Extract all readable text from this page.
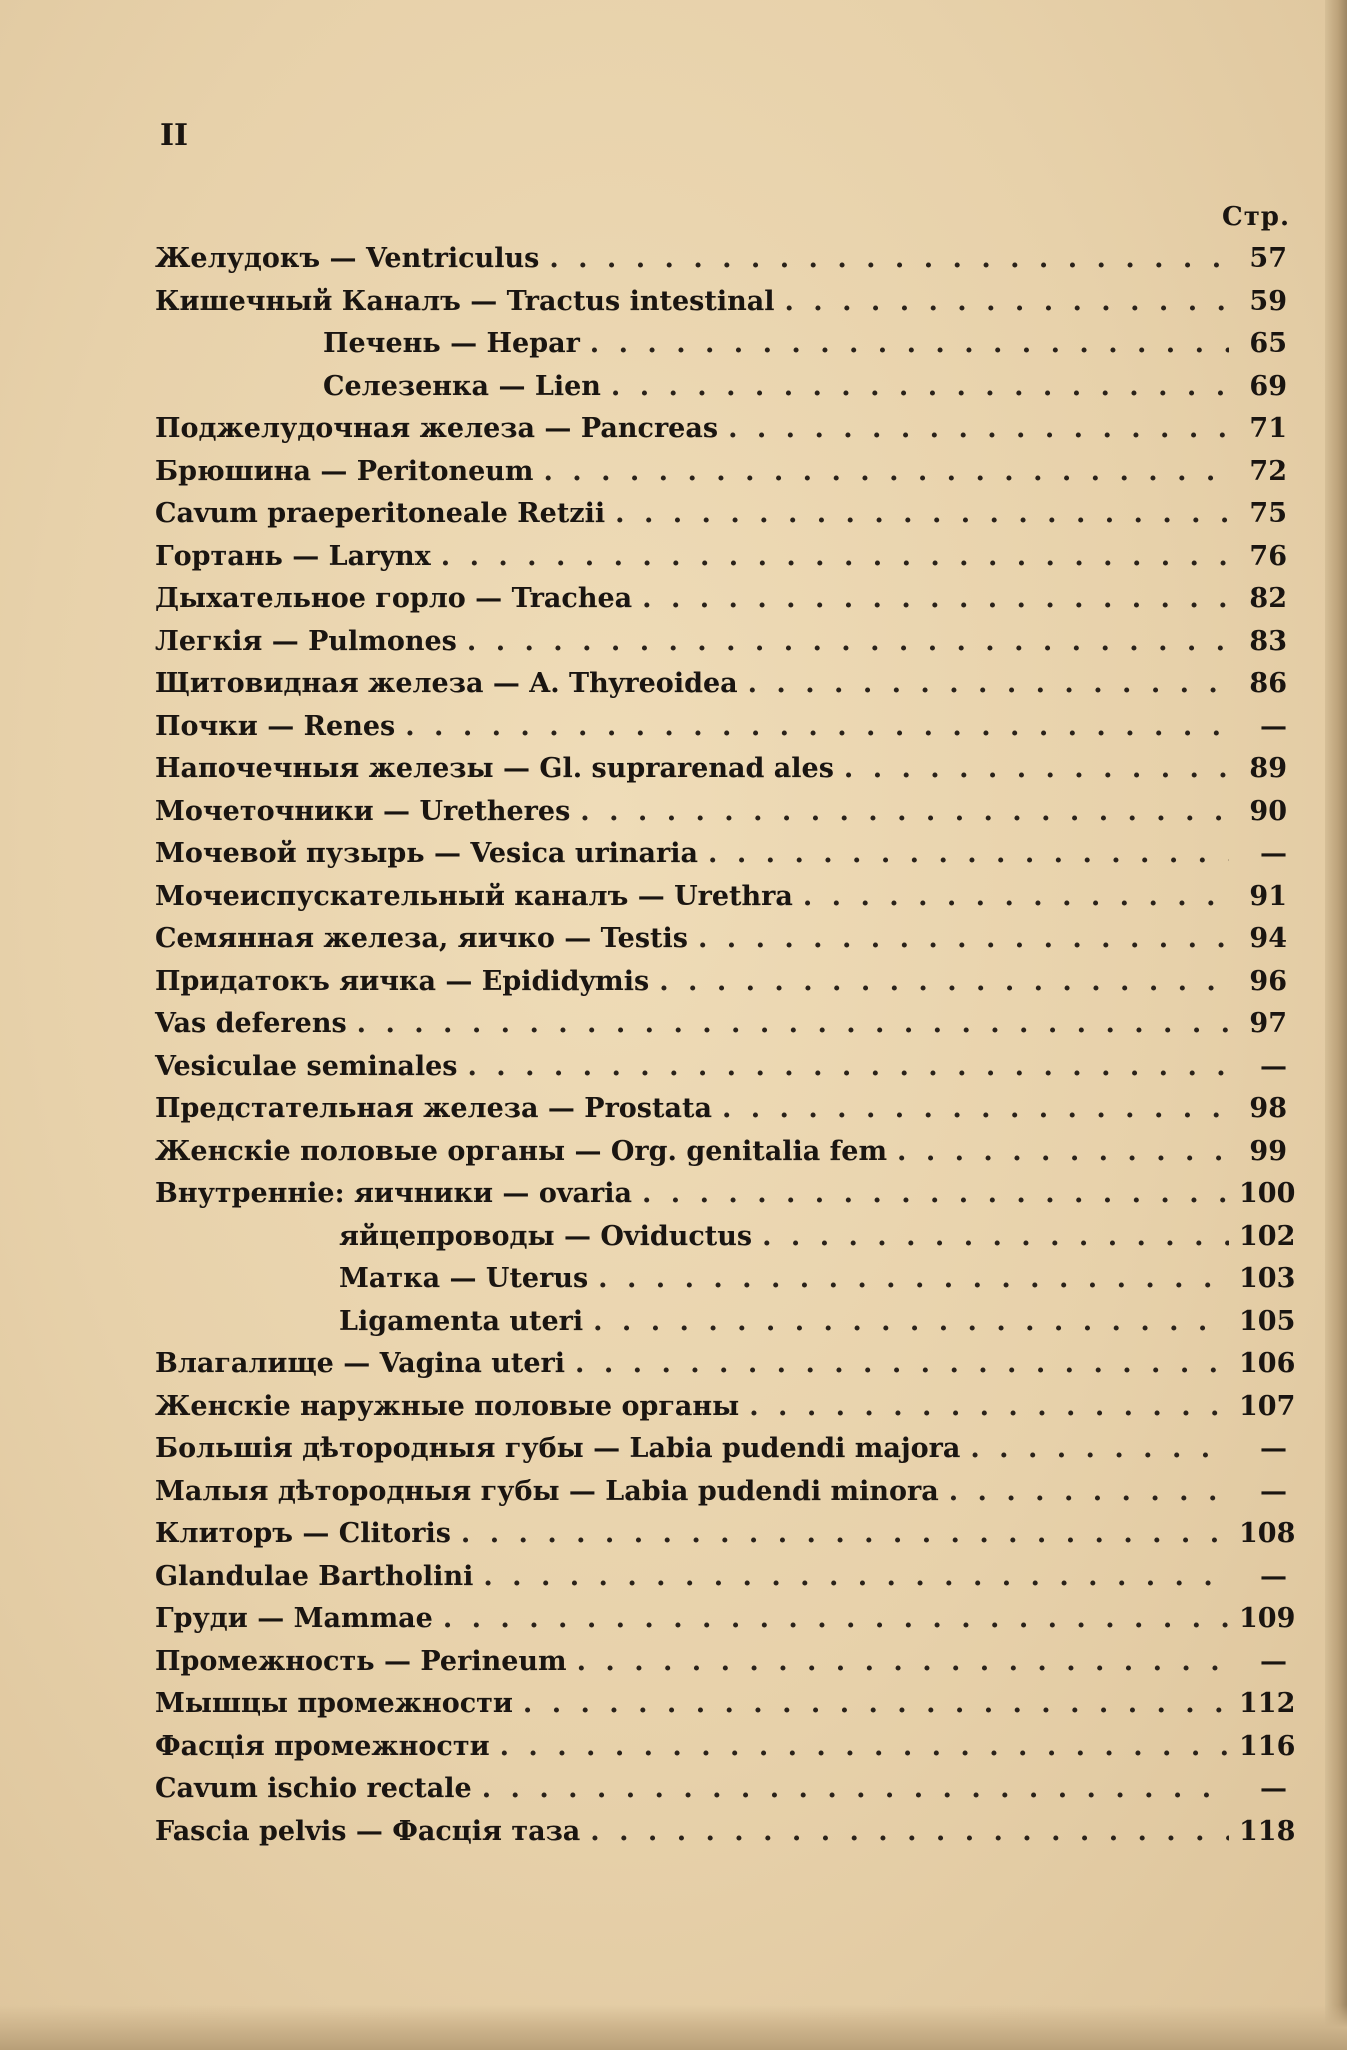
II
Стр.
Желудокъ — Ventriculus . . .	57
Кишечный Каналъ — Tractus intestinal . . .	59
Печень — Hepar . . .	65
Селезенка — Lien . . .	69
Поджелудочная железа — Pancreas . . .	71
Брюшина — Peritoneum . . .	72
Cavum praeperitoneale Retzii . . .	75
Гортань — Larynx . . .	76
Дыхательное горло — Trachea . . .	82
Легкія — Pulmones . . .	83
Щитовидная железа — A. Thyreoidea . . .	86
Почки — Renes . . .	—
Напочечныя железы — Gl. suprarenad ales . . .	89
Мочеточники — Uretheres . . .	90
Мочевой пузырь — Vesica urinaria . . .	—
Мочеиспускательный каналъ — Urethra . . .	91
Семянная железа, яичко — Testis . . .	94
Придатокъ яичка — Epididymis . . .	96
Vas deferens . . .	97
Vesiculae seminales . . .	—
Предстательная железа — Prostata . . .	98
Женскіе половые органы — Org. genitalia fem . . .	99
Внутренніе: яичники — ovaria . . .	100
яйцепроводы — Oviductus . . .	102
Матка — Uterus . . .	103
Ligamenta uteri . . .	105
Влагалище — Vagina uteri . . .	106
Женскіе наружные половые органы . . .	107
Большія дѣтородныя губы — Labia pudendi majora . . .	—
Малыя дѣтородныя губы — Labia pudendi minora . . .	—
Клиторъ — Clitoris . . .	108
Glandulae Bartholini . . .	—
Груди — Mammae . . .	109
Промежность — Perineum . . .	—
Мышцы промежности . . .	112
Фасція промежности . . .	116
Cavum ischio rectale . . .	—
Fascia pelvis — Фасція таза . . .	118
